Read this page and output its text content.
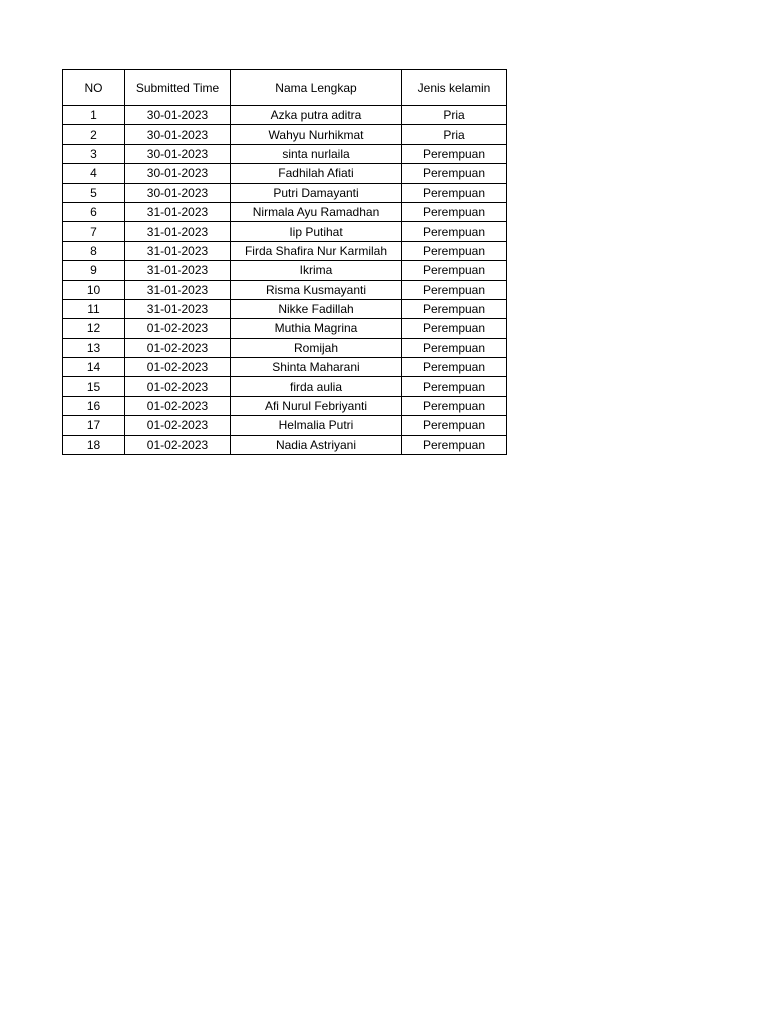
NO	Submitted Time	Nama Lengkap	Jenis kelamin
1	30-01-2023	Azka putra aditra	Pria
2	30-01-2023	Wahyu Nurhikmat	Pria
3	30-01-2023	sinta nurlaila	Perempuan
4	30-01-2023	Fadhilah Afiati	Perempuan
5	30-01-2023	Putri Damayanti	Perempuan
6	31-01-2023	Nirmala Ayu Ramadhan	Perempuan
7	31-01-2023	Iip Putihat	Perempuan
8	31-01-2023	Firda Shafira Nur Karmilah	Perempuan
9	31-01-2023	Ikrima	Perempuan
10	31-01-2023	Risma Kusmayanti	Perempuan
11	31-01-2023	Nikke Fadillah	Perempuan
12	01-02-2023	Muthia Magrina	Perempuan
13	01-02-2023	Romijah	Perempuan
14	01-02-2023	Shinta Maharani	Perempuan
15	01-02-2023	firda aulia	Perempuan
16	01-02-2023	Afi Nurul Febriyanti	Perempuan
17	01-02-2023	Helmalia Putri	Perempuan
18	01-02-2023	Nadia Astriyani	Perempuan
